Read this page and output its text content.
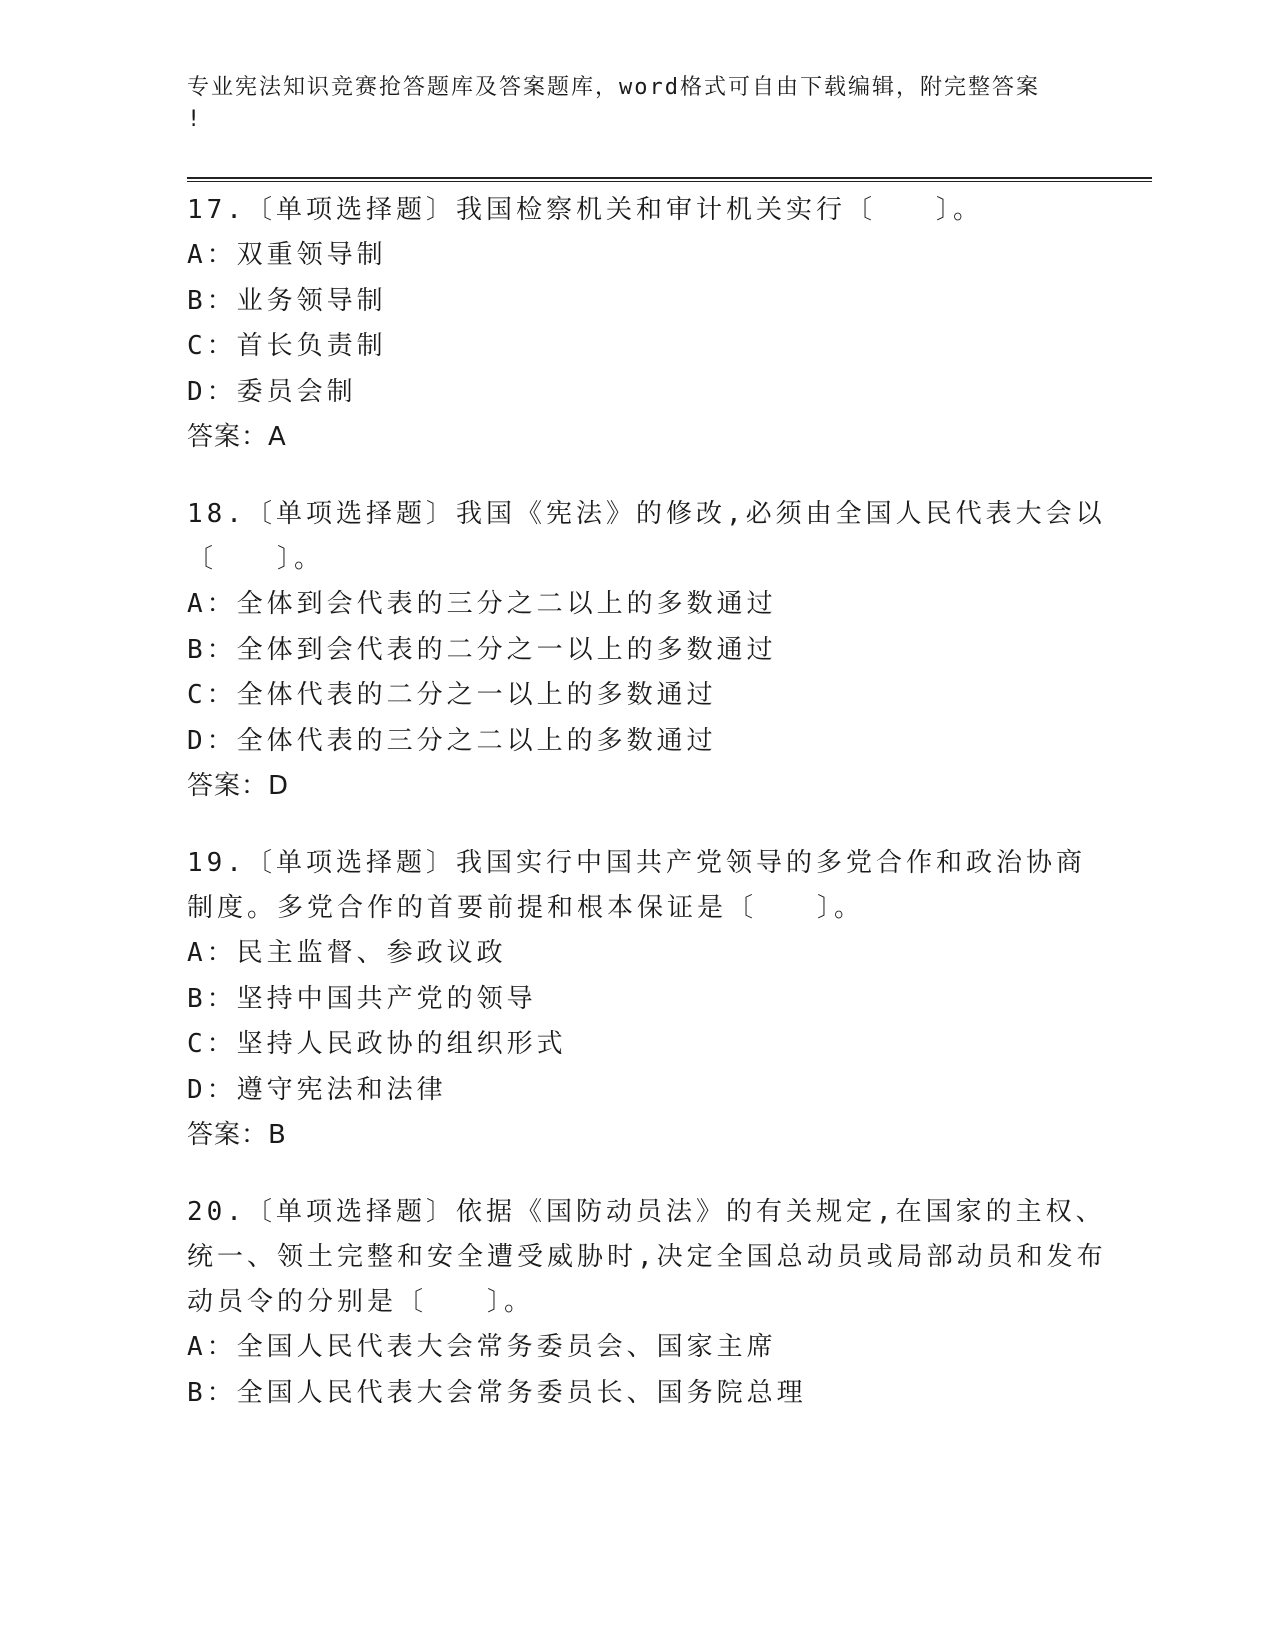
专业宪法知识竞赛抢答题库及答案题库，word格式可自由下载编辑，附完整答案
!
17.〔单项选择题〕我国检察机关和审计机关实行〔　　〕。
A：双重领导制
B：业务领导制
C：首长负责制
D：委员会制
答案：A
18.〔单项选择题〕我国《宪法》的修改,必须由全国人民代表大会以〔　　〕。
A：全体到会代表的三分之二以上的多数通过
B：全体到会代表的二分之一以上的多数通过
C：全体代表的二分之一以上的多数通过
D：全体代表的三分之二以上的多数通过
答案：D
19.〔单项选择题〕我国实行中国共产党领导的多党合作和政治协商制度。多党合作的首要前提和根本保证是〔　　〕。
A：民主监督、参政议政
B：坚持中国共产党的领导
C：坚持人民政协的组织形式
D：遵守宪法和法律
答案：B
20.〔单项选择题〕依据《国防动员法》的有关规定,在国家的主权、统一、领土完整和安全遭受威胁时,决定全国总动员或局部动员和发布动员令的分别是〔　　〕。
A：全国人民代表大会常务委员会、国家主席
B：全国人民代表大会常务委员长、国务院总理
